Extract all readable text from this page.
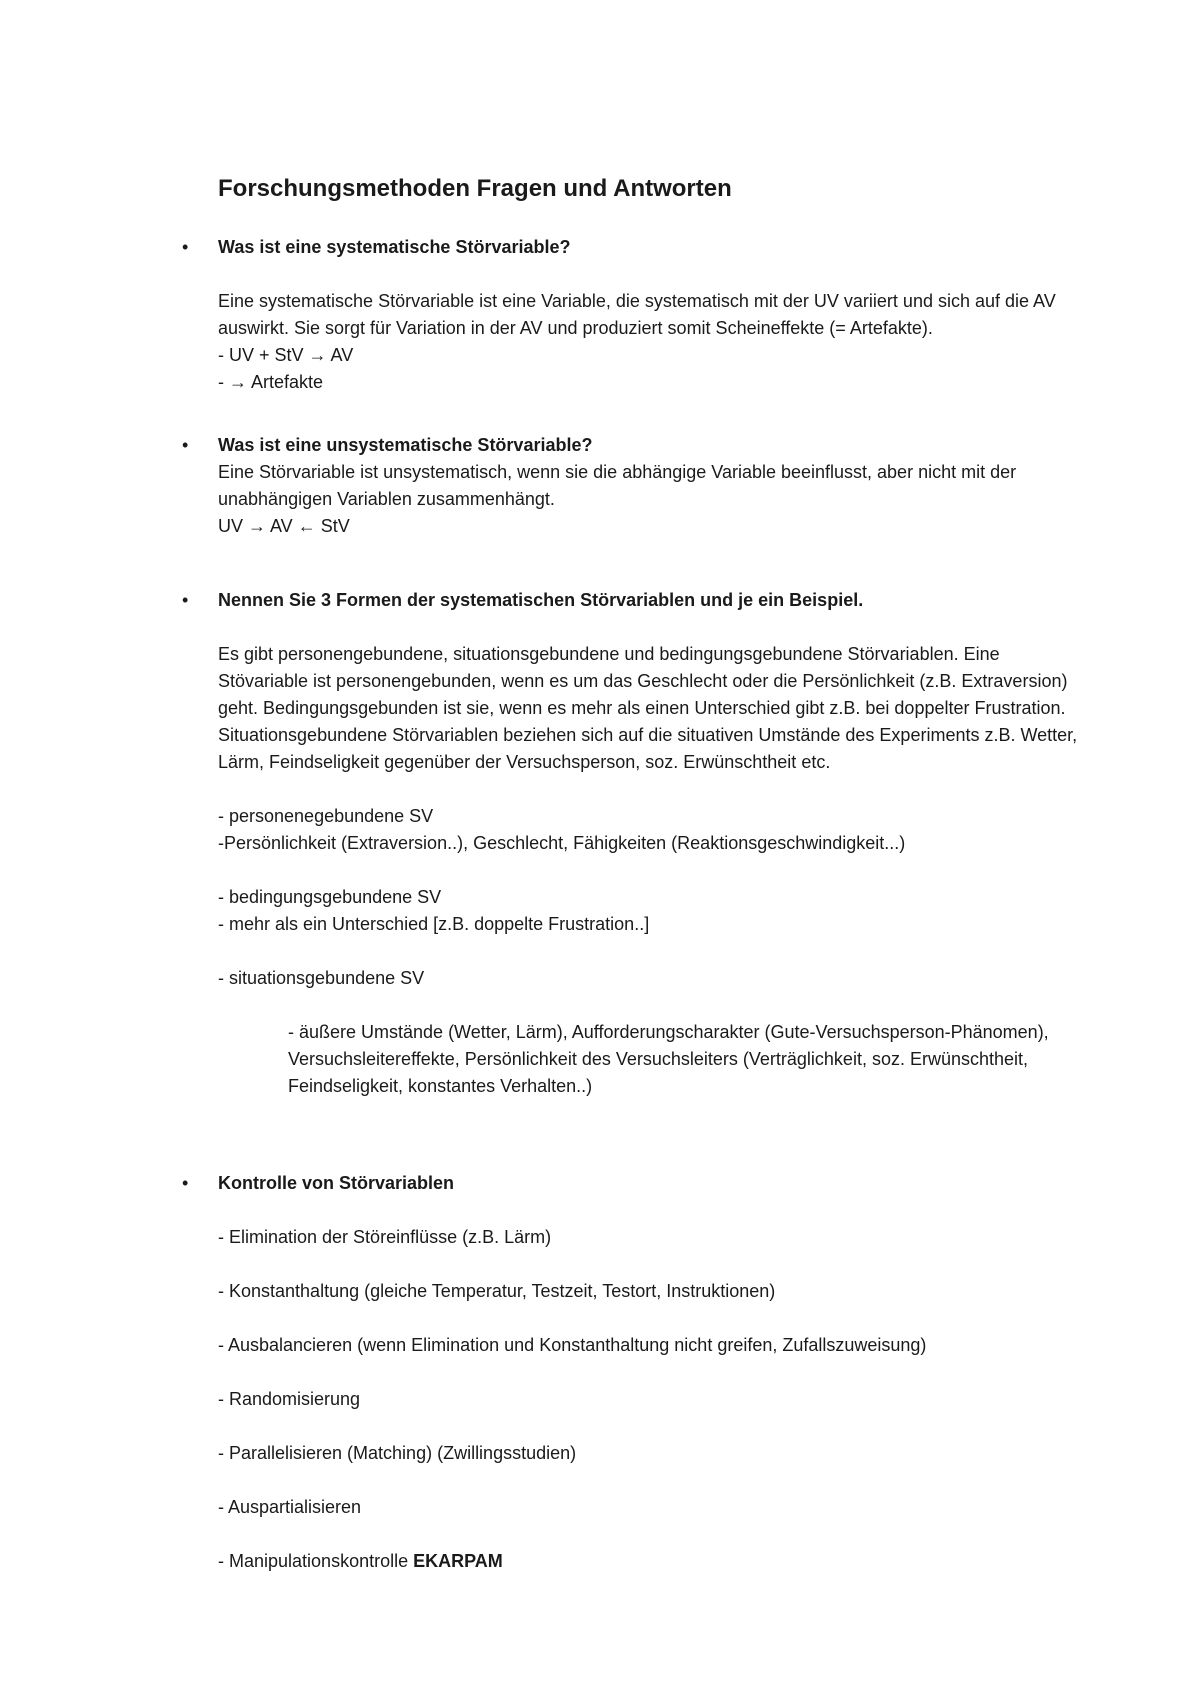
Forschungsmethoden Fragen und Antworten
•	Was ist eine systematische Störvariable?

Eine systematische Störvariable ist eine Variable, die systematisch mit der UV variiert und sich auf die AV auswirkt. Sie sorgt für Variation in der AV und produziert somit Scheineffekte (= Artefakte).

- UV + StV → AV
- → Artefakte
•	Was ist eine unsystematische Störvariable?

Eine Störvariable ist unsystematisch, wenn sie die abhängige Variable beeinflusst, aber nicht mit der unabhängigen Variablen zusammenhängt.

UV → AV ← StV
•	Nennen Sie 3 Formen der systematischen Störvariablen und je ein Beispiel.

Es gibt personengebundene, situationsgebundene und bedingungsgebundene Störvariablen. Eine Stövariable ist personengebunden, wenn es um das Geschlecht oder die Persönlichkeit (z.B. Extraversion) geht. Bedingungsgebunden ist sie, wenn es mehr als einen Unterschied gibt z.B. bei doppelter Frustration. Situationsgebundene Störvariablen beziehen sich auf die situativen Umstände des Experiments z.B. Wetter, Lärm, Feindseligkeit gegenüber der Versuchsperson, soz. Erwünschtheit etc.

- personenegebundene SV
-Persönlichkeit (Extraversion..), Geschlecht, Fähigkeiten (Reaktionsgeschwindigkeit...)
- bedingungsgebundene SV
- mehr als ein Unterschied [z.B. doppelte Frustration..]
- situationsgebundene SV

- äußere Umstände (Wetter, Lärm), Aufforderungscharakter (Gute-Versuchsperson-Phänomen), Versuchsleitereffekte, Persönlichkeit des Versuchsleiters (Verträglichkeit, soz. Erwünschtheit, Feindseligkeit, konstantes Verhalten..)

•	Kontrolle von Störvariablen
- Elimination der Störeinflüsse (z.B. Lärm)
- Konstanthaltung (gleiche Temperatur, Testzeit, Testort, Instruktionen)
- Ausbalancieren (wenn Elimination und Konstanthaltung nicht greifen, Zufallszuweisung)
- Randomisierung
- Parallelisieren (Matching) (Zwillingsstudien)
- Auspartialisieren
- Manipulationskontrolle EKARPAM
